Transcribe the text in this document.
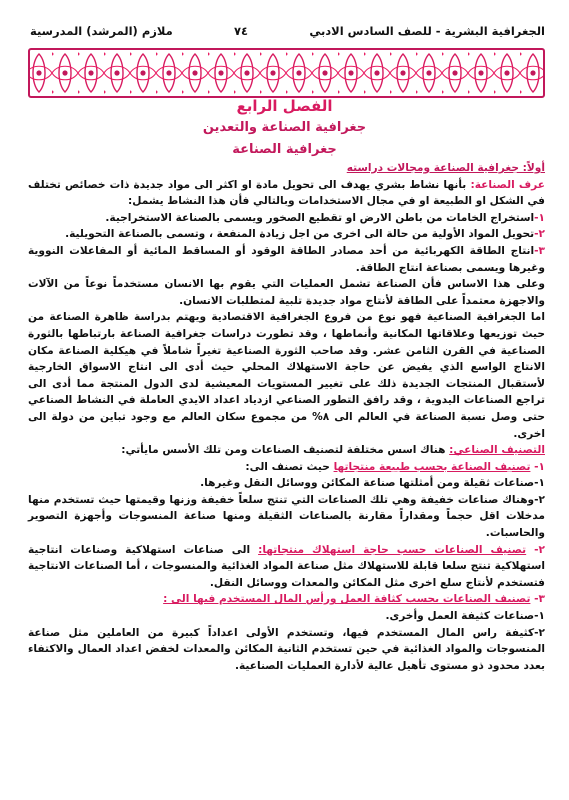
ملازم (المرشد) المدرسية	٧٤	الجغرافية البشرية - للصف السادس الادبي
الفصل الرابع
جغرافية الصناعة والتعدين
جغرافية الصناعة

أولاً: جغرافية الصناعة ومجالات دراسته

عرف الصناعة: بأنها نشاط بشري يهدف الى تحويل مادة او اكثر الى مواد جديدة ذات خصائص تختلف في الشكل او الطبيعة او في مجال الاستخدامات وبالتالي فأن هذا النشاط يشمل:

١-استخراج الخامات من باطن الارض او تقطيع الصخور ويسمى بالصناعة الاستخراجية.

٢-تحويل المواد الأولية من حالة الى اخرى من اجل زيادة المنفعة ، وتسمى بالصناعة التحويلية.

٣-انتاج الطاقة الكهربائية من أحد مصادر الطاقة الوقود أو المساقط المائية أو المفاعلات النووية وغيرها ويسمى بصناعة انتاج الطاقة.

وعلى هذا الاساس فأن الصناعة تشمل العمليات التي يقوم بها الانسان مستخدماً نوعاً من الآلات والاجهزة معتمداً على الطاقة لأنتاج مواد جديدة تلبية لمتطلبات الانسان.

اما الجغرافية الصناعية فهو نوع من فروع الجغرافية الاقتصادية ويهتم بدراسة ظاهرة الصناعة من حيث توزيعها وعلاقاتها المكانية وأنماطها ، وقد تطورت دراسات جغرافية الصناعة بارتباطها بالثورة الصناعية في القرن الثامن عشر. وقد صاحب الثورة الصناعية تغيراً شاملاً في هيكلية الصناعة مكان الانتاج الواسع الذي يفيض عن حاجة الاستهلاك المحلي حيث أدى الى انتاج الاسواق الخارجية لأستقبال المنتجات الجديدة ذلك على تغيير المستويات المعيشية لدى الدول المنتجة مما أدى الى تراجع الصناعات اليدوية ، وقد رافق التطور الصناعي ازدياد اعداد الايدي العاملة في النشاط الصناعي حتى وصل نسبة الصناعة في العالم الى ٨% من مجموع سكان العالم مع وجود تباين من دولة الى اخرى.

التصنيف الصناعي: هناك اسس مختلفة لتصنيف الصناعات ومن تلك الأسس مايأتي:

١- تصنيف الصناعة بحسب طبيعة منتجاتها حيث تصنف الى:

١-صناعات ثقيلة ومن أمثلتها صناعة المكائن ووسائل النقل وغيرها.

٢-وهناك صناعات خفيفة وهي تلك الصناعات التي تنتج سلعاً خفيفة وزنها وقيمتها حيث تستخدم منها مدخلات اقل حجماً ومقداراً مقارنة بالصناعات الثقيلة ومنها صناعة المنسوجات وأجهزة التصوير والحاسبات.

٢- تصنيف الصناعات حسب حاجة استهلاك منتجاتها: الى صناعات استهلاكية وصناعات انتاجية استهلاكية تنتج سلعا قابلة للاستهلاك مثل صناعة المواد الغذائية والمنسوجات ، أما الصناعات الانتاجية فتستخدم لأنتاج سلع اخرى مثل المكائن والمعدات ووسائل النقل.

٣- تصنيف الصناعات بحسب كثافة العمل ورأس المال المستخدم فيها الى :

١-صناعات كثيفة العمل وأخرى.

٢-كثيفة راس المال المستخدم فيها، وتستخدم الأولى اعداداً كبيرة من العاملين مثل صناعة المنسوجات والمواد الغذائية في حين تستخدم الثانية المكائن والمعدات لخفض اعداد العمال والاكتفاء بعدد محدود ذو مستوى تأهيل عالية لأدارة العمليات الصناعية.
